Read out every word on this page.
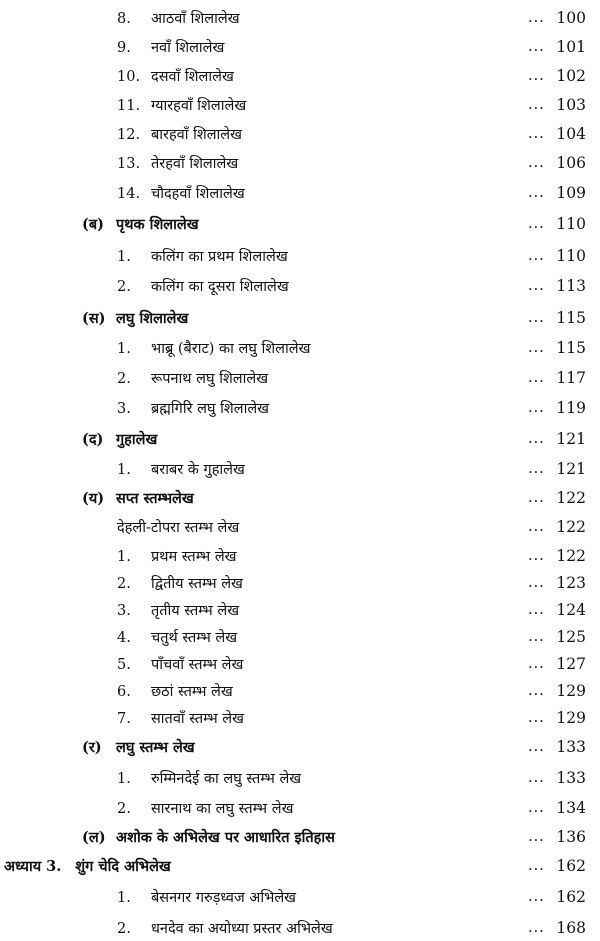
8. आठवाँ शिलालेख	... 100
9. नवाँ शिलालेख	... 101
10. दसवाँ शिलालेख	... 102
11. ग्यारहवाँ शिलालेख	... 103
12. बारहवाँ शिलालेख	... 104
13. तेरहवाँ शिलालेख	... 106
14. चौदहवाँ शिलालेख	... 109
(ब) पृथक शिलालेख	... 110
1. कलिंग का प्रथम शिलालेख	... 110
2. कलिंग का दूसरा शिलालेख	... 113
(स) लघु शिलालेख	... 115
1. भाब्रू (बैराट) का लघु शिलालेख	... 115
2. रूपनाथ लघु शिलालेख	... 117
3. ब्रह्मगिरि लघु शिलालेख	... 119
(द) गुहालेख	... 121
1. बराबर के गुहालेख	... 121
(य) सप्त स्तम्भलेख	... 122
देहली-टोपरा स्तम्भ लेख	... 122
1. प्रथम स्तम्भ लेख	... 122
2. द्वितीय स्तम्भ लेख	... 123
3. तृतीय स्तम्भ लेख	... 124
4. चतुर्थ स्तम्भ लेख	... 125
5. पाँचवाँ स्तम्भ लेख	... 127
6. छठां स्तम्भ लेख	... 129
7. सातवाँ स्तम्भ लेख	... 129
(र) लघु स्तम्भ लेख	... 133
1. रुम्मिनदेई का लघु स्तम्भ लेख	... 133
2. सारनाथ का लघु स्तम्भ लेख	... 134
(ल) अशोक के अभिलेख पर आधारित इतिहास	... 136
अध्याय 3. शुंग चेदि अभिलेख	... 162
1. बेसनगर गरुड़ध्वज अभिलेख	... 162
2. धनदेव का अयोध्या प्रस्तर अभिलेख	... 168
